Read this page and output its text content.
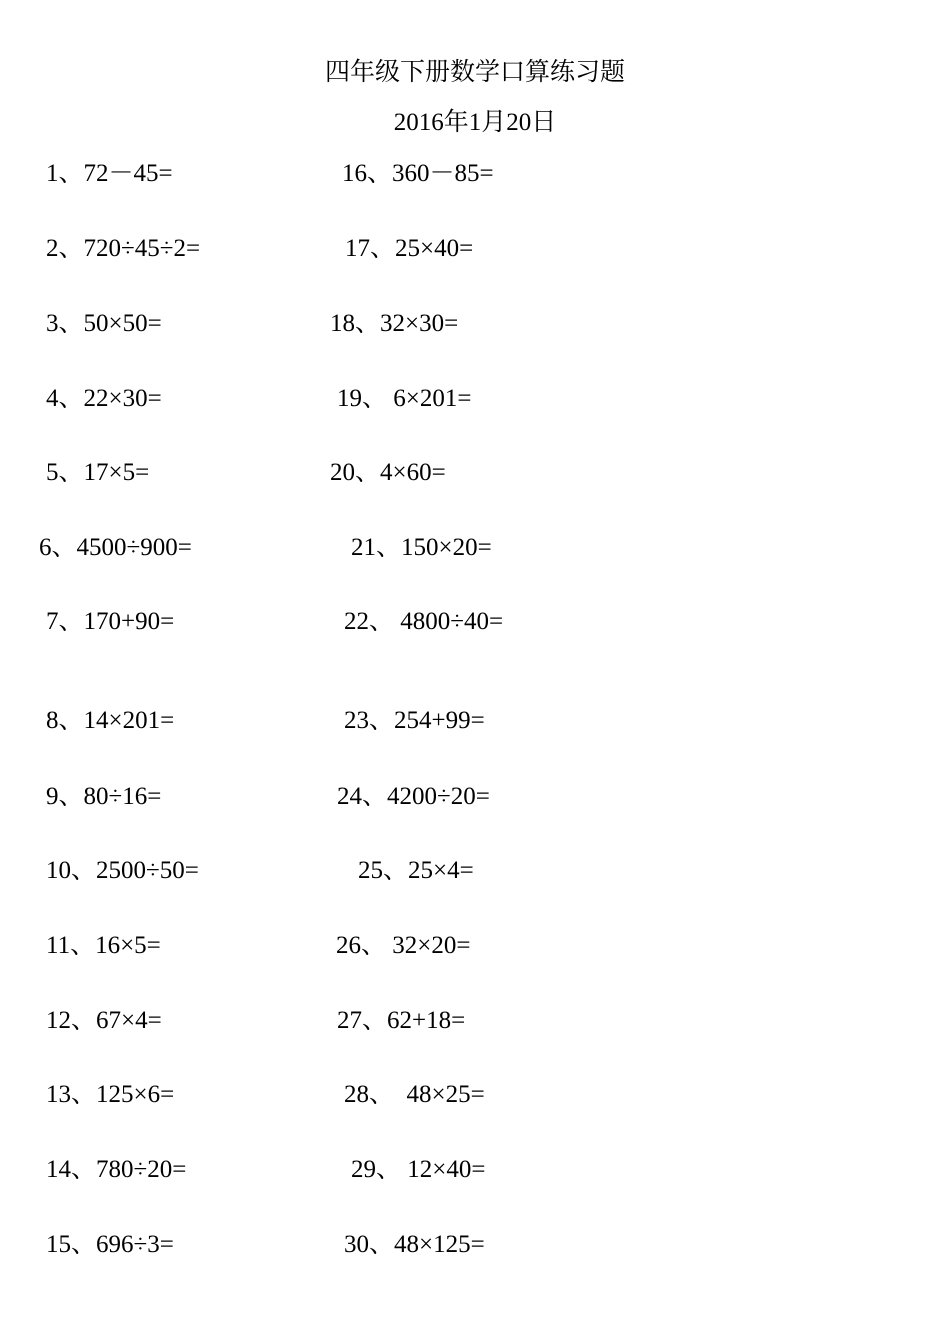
四年级下册数学口算练习题
2016年1月20日
1、72－45=
2、720÷45÷2=
3、50×50=
4、22×30=
5、17×5=
6、4500÷900=
7、170+90=
8、14×201=
9、80÷16=
10、2500÷50=
11、16×5=
12、67×4=
13、125×6=
14、780÷20=
15、696÷3=
16、360－85=
17、25×40=
18、32×30=
19、 6×201=
20、4×60=
21、150×20=
22、 4800÷40=
23、254+99=
24、4200÷20=
25、25×4=
26、 32×20=
27、62+18=
28、  48×25=
29、 12×40=
30、48×125=
